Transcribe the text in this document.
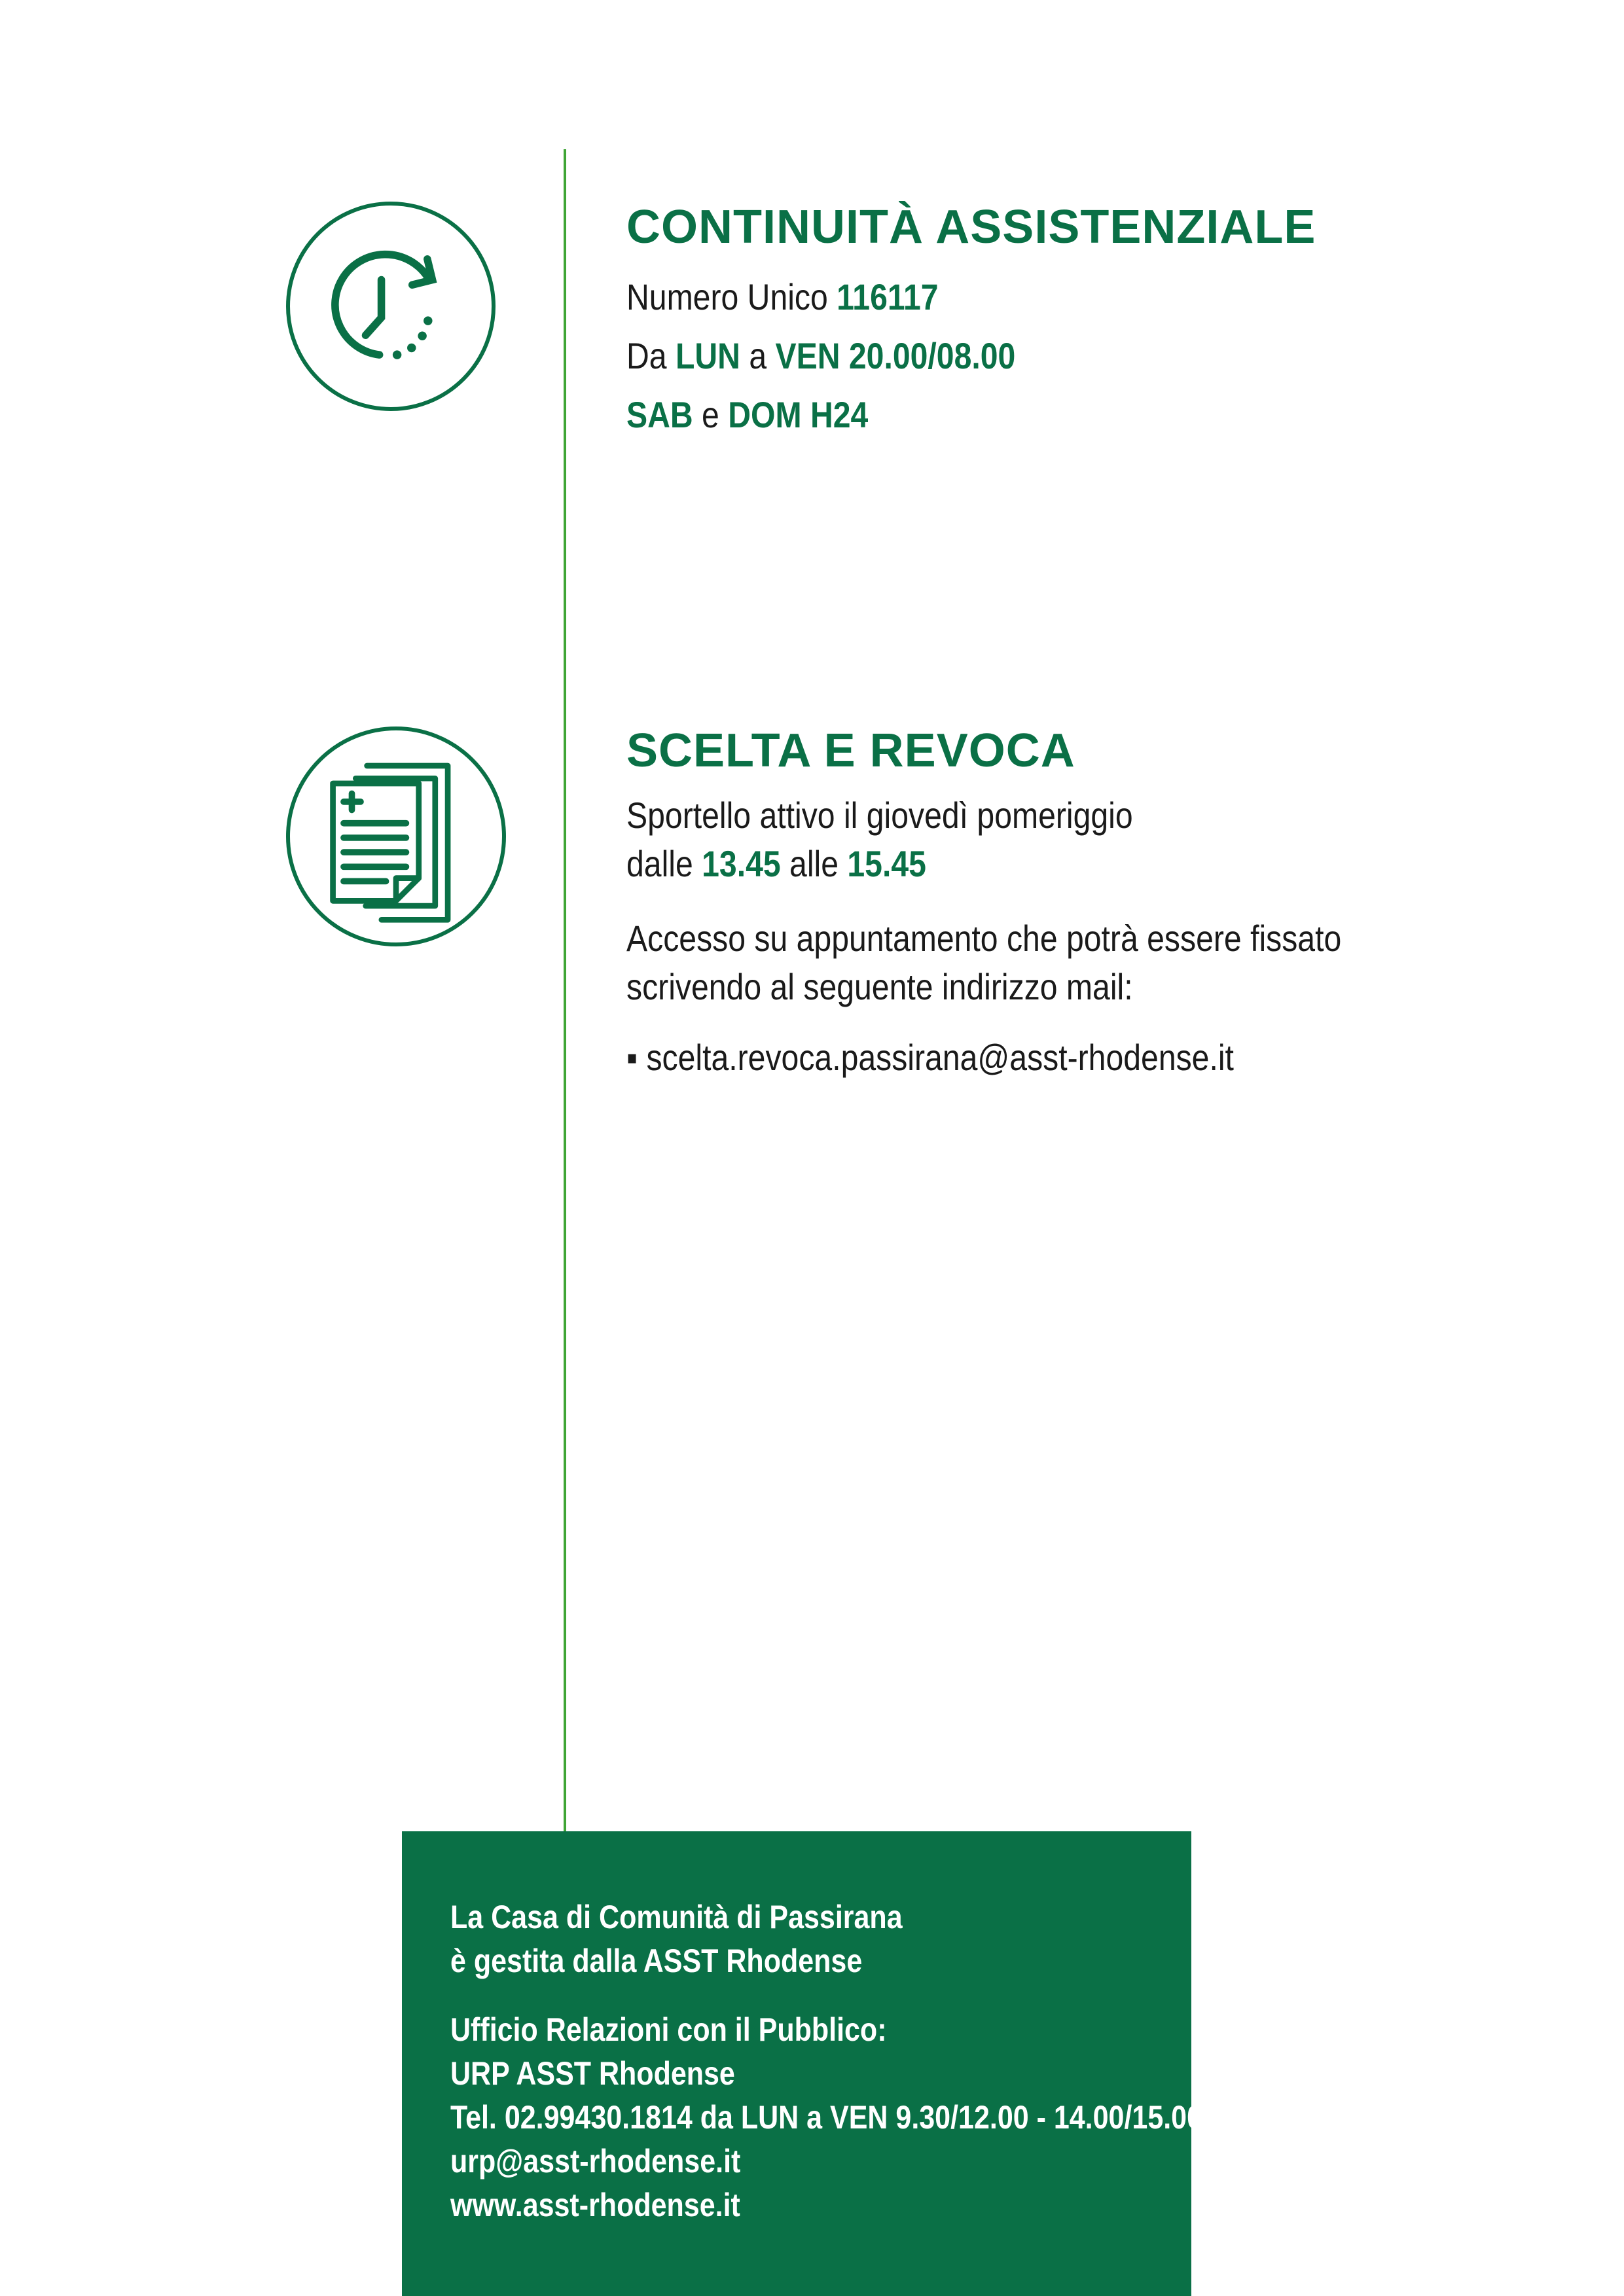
CONTINUITÀ ASSISTENZIALE
Numero Unico 116117
Da LUN a VEN 20.00/08.00
SAB e DOM H24
SCELTA E REVOCA
Sportello attivo il giovedì pomeriggio
dalle 13.45 alle 15.45
Accesso su appuntamento che potrà essere fissato
scrivendo al seguente indirizzo mail:
▪ scelta.revoca.passirana@asst-rhodense.it
La Casa di Comunità di Passirana
è gestita dalla ASST Rhodense
Ufficio Relazioni con il Pubblico:
URP ASST Rhodense
Tel. 02.99430.1814 da LUN a VEN 9.30/12.00 - 14.00/15.00
urp@asst-rhodense.it
www.asst-rhodense.it
